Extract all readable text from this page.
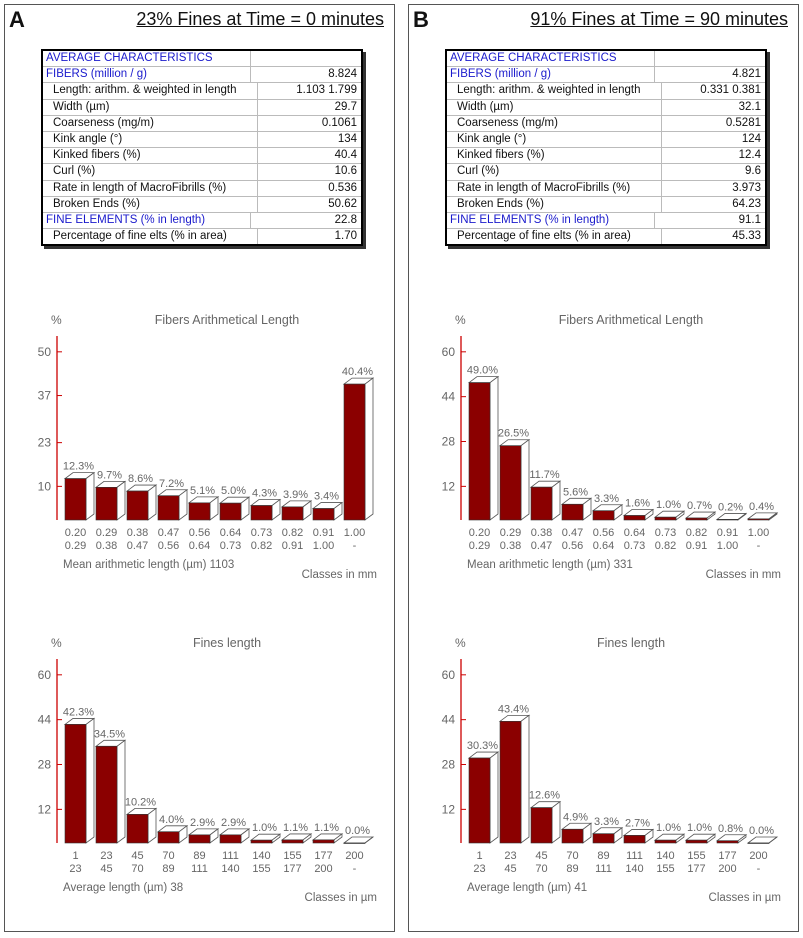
A	23% Fines at Time = 0 minutes
AVERAGE CHARACTERISTICS
FIBERS (million / g)	8.824
Length: arithm. & weighted in length	1.103 1.799
Width (µm)	29.7
Coarseness (mg/m)	0.1061
Kink angle (°)	134
Kinked fibers (%)	40.4
Curl (%)	10.6
Rate in length of MacroFibrills (%)	0.536
Broken Ends (%)	50.62
FINE ELEMENTS (% in length)	22.8
Percentage of fine elts (% in area)	1.70
%	Fibers Arithmetical Length
10
23
37
50
12.3%
0.20
0.29
9.7%
0.29
0.38
8.6%
0.38
0.47
7.2%
0.47
0.56
5.1%
0.56
0.64
5.0%
0.64
0.73
4.3%
0.73
0.82
3.9%
0.82
0.91
3.4%
0.91
1.00
40.4%
1.00
-
Mean arithmetic length (µm) 1103
Classes in mm
%	Fines length
12
28
44
60
42.3%
1
23
34.5%
23
45
10.2%
45
70
4.0%
70
89
2.9%
89
111
2.9%
111
140
1.0%
140
155
1.1%
155
177
1.1%
177
200
0.0%
200
-
Average length (µm) 38
Classes in µm
B	91% Fines at Time = 90 minutes
AVERAGE CHARACTERISTICS
FIBERS (million / g)	4.821
Length: arithm. & weighted in length	0.331 0.381
Width (µm)	32.1
Coarseness (mg/m)	0.5281
Kink angle (°)	124
Kinked fibers (%)	12.4
Curl (%)	9.6
Rate in length of MacroFibrills (%)	3.973
Broken Ends (%)	64.23
FINE ELEMENTS (% in length)	91.1
Percentage of fine elts (% in area)	45.33
%	Fibers Arithmetical Length
12
28
44
60
49.0%
0.20
0.29
26.5%
0.29
0.38
11.7%
0.38
0.47
5.6%
0.47
0.56
3.3%
0.56
0.64
1.6%
0.64
0.73
1.0%
0.73
0.82
0.7%
0.82
0.91
0.2%
0.91
1.00
0.4%
1.00
-
Mean arithmetic length (µm) 331
Classes in mm
%	Fines length
12
28
44
60
30.3%
1
23
43.4%
23
45
12.6%
45
70
4.9%
70
89
3.3%
89
111
2.7%
111
140
1.0%
140
155
1.0%
155
177
0.8%
177
200
0.0%
200
-
Average length (µm) 41
Classes in µm
